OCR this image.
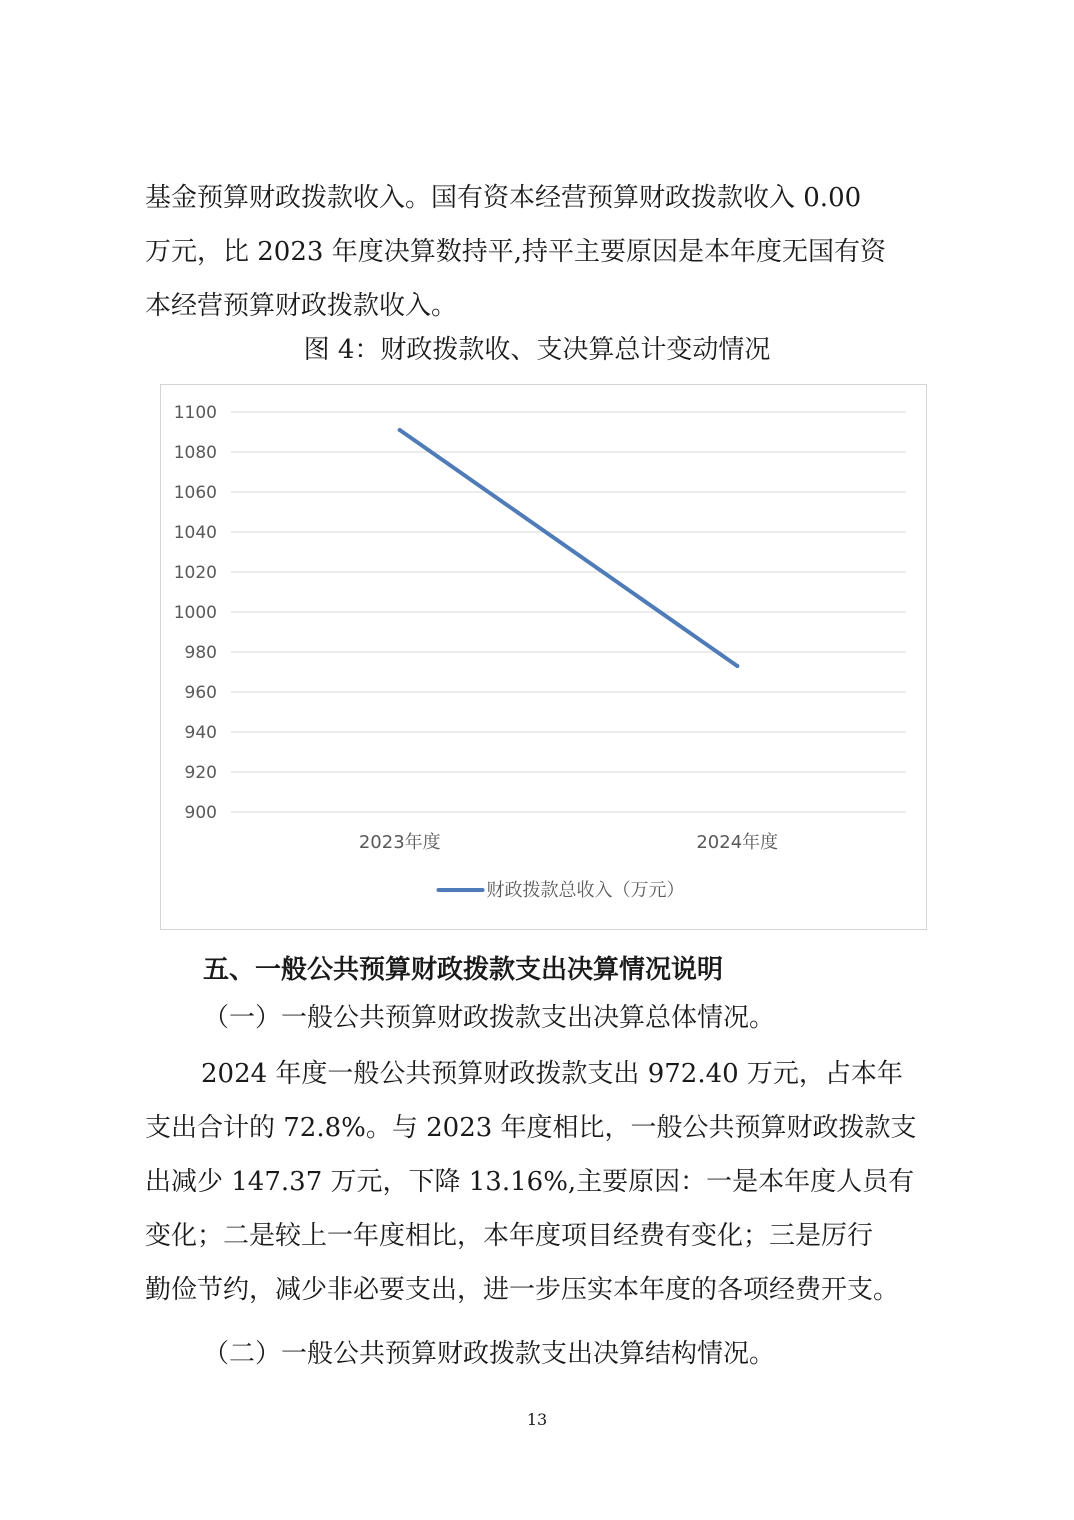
基金预算财政拨款收入。国有资本经营预算财政拨款收入 0.00
万元，比 2023 年度决算数持平,持平主要原因是本年度无国有资
本经营预算财政拨款收入。

图 4：财政拨款收、支决算总计变动情况

900
920
940
960
980
1000
1020
1040
1060
1080
1100
2023年度	2024年度
财政拨款总收入（万元）

五、一般公共预算财政拨款支出决算情况说明

（一）一般公共预算财政拨款支出决算总体情况。

2024 年度一般公共预算财政拨款支出 972.40 万元，占本年
支出合计的 72.8%。与 2023 年度相比，一般公共预算财政拨款支
出减少 147.37 万元，下降 13.16%,主要原因：一是本年度人员有
变化；二是较上一年度相比，本年度项目经费有变化；三是厉行
勤俭节约，减少非必要支出，进一步压实本年度的各项经费开支。

（二）一般公共预算财政拨款支出决算结构情况。

13
